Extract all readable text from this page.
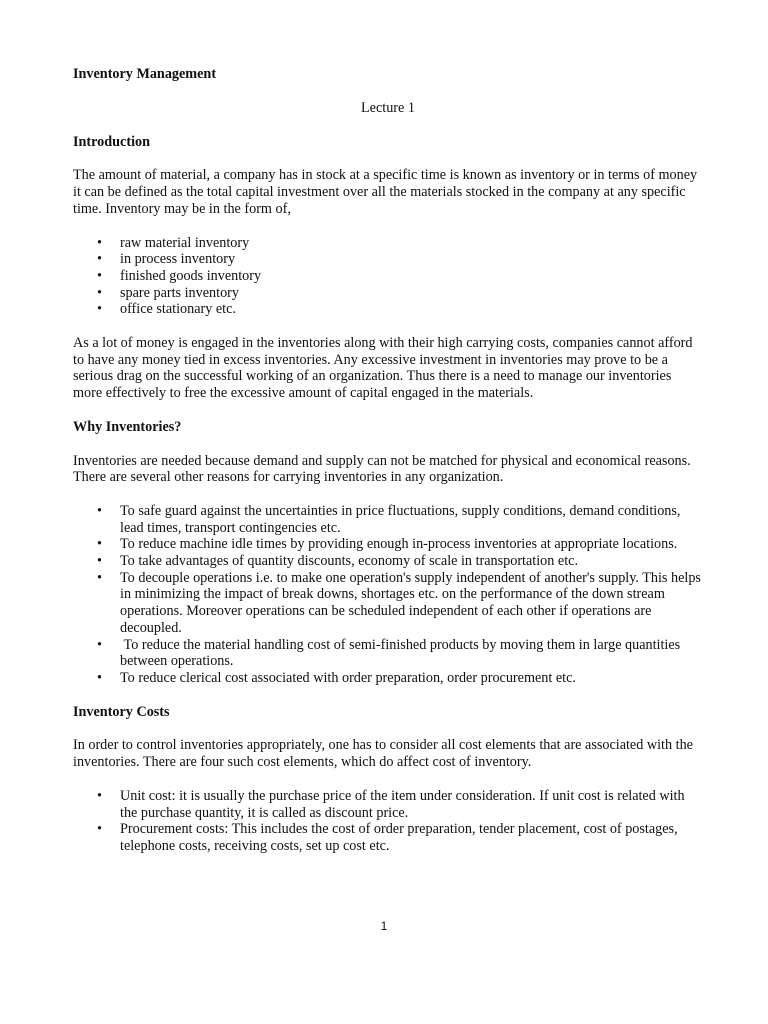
Inventory Management
Lecture 1
Introduction

The amount of material, a company has in stock at a specific time is known as inventory or in terms of money it can be defined as the total capital investment over all the materials stocked in the company at any specific time. Inventory may be in the form of,

• raw material inventory
• in process inventory
• finished goods inventory
• spare parts inventory
• office stationary etc.

As a lot of money is engaged in the inventories along with their high carrying costs, companies cannot afford to have any money tied in excess inventories. Any excessive investment in inventories may prove to be a serious drag on the successful working of an organization. Thus there is a need to manage our inventories more effectively to free the excessive amount of capital engaged in the materials.

Why Inventories?

Inventories are needed because demand and supply can not be matched for physical and economical reasons. There are several other reasons for carrying inventories in any organization.

• To safe guard against the uncertainties in price fluctuations, supply conditions, demand conditions, lead times, transport contingencies etc.
• To reduce machine idle times by providing enough in-process inventories at appropriate locations.
• To take advantages of quantity discounts, economy of scale in transportation etc.
• To decouple operations i.e. to make one operation's supply independent of another's supply. This helps in minimizing the impact of break downs, shortages etc. on the performance of the down stream operations. Moreover operations can be scheduled independent of each other if operations are decoupled.
•  To reduce the material handling cost of semi-finished products by moving them in large quantities between operations.
• To reduce clerical cost associated with order preparation, order procurement etc.
Inventory Costs

In order to control inventories appropriately, one has to consider all cost elements that are associated with the inventories. There are four such cost elements, which do affect cost of inventory.

• Unit cost: it is usually the purchase price of the item under consideration. If unit cost is related with the purchase quantity, it is called as discount price.
• Procurement costs: This includes the cost of order preparation, tender placement, cost of postages, telephone costs, receiving costs, set up cost etc.
1
